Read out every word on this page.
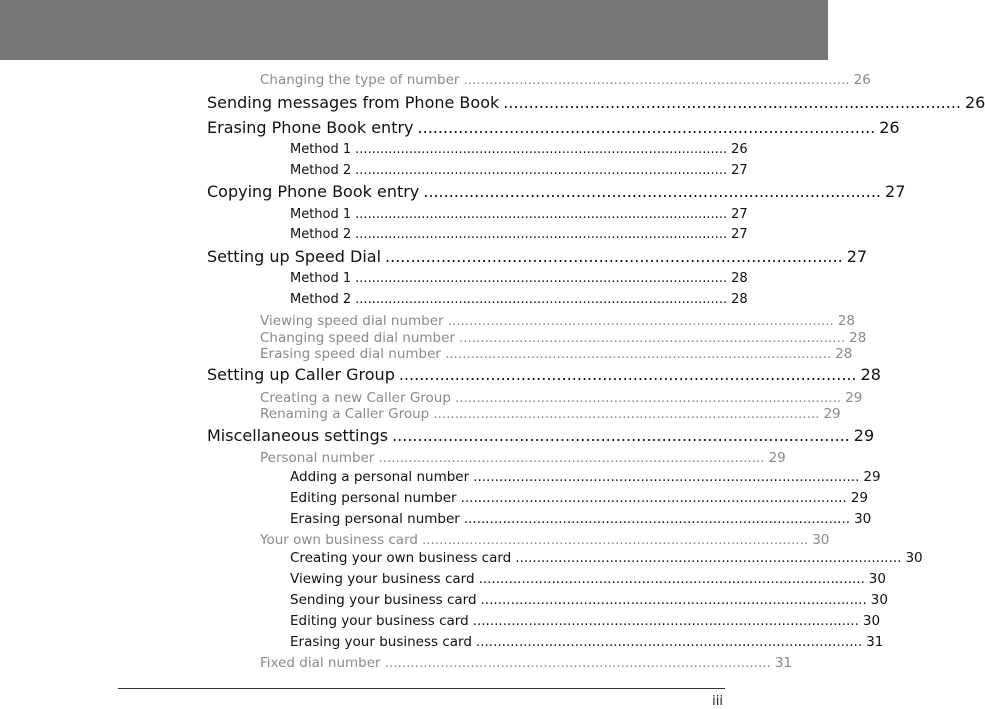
Changing the type of number .......................................................................................... 26
Sending messages from Phone Book .......................................................................................... 26
Erasing Phone Book entry .......................................................................................... 26
Method 1 .......................................................................................... 26
Method 2 .......................................................................................... 27
Copying Phone Book entry .......................................................................................... 27
Method 1 .......................................................................................... 27
Method 2 .......................................................................................... 27
Setting up Speed Dial .......................................................................................... 27
Method 1 .......................................................................................... 28
Method 2 .......................................................................................... 28
Viewing speed dial number .......................................................................................... 28
Changing speed dial number .......................................................................................... 28
Erasing speed dial number .......................................................................................... 28
Setting up Caller Group .......................................................................................... 28
Creating a new Caller Group .......................................................................................... 29
Renaming a Caller Group .......................................................................................... 29
Miscellaneous settings .......................................................................................... 29
Personal number .......................................................................................... 29
Adding a personal number .......................................................................................... 29
Editing personal number .......................................................................................... 29
Erasing personal number .......................................................................................... 30
Your own business card .......................................................................................... 30
Creating your own business card .......................................................................................... 30
Viewing your business card .......................................................................................... 30
Sending your business card .......................................................................................... 30
Editing your business card .......................................................................................... 30
Erasing your business card .......................................................................................... 31
Fixed dial number .......................................................................................... 31
iii
